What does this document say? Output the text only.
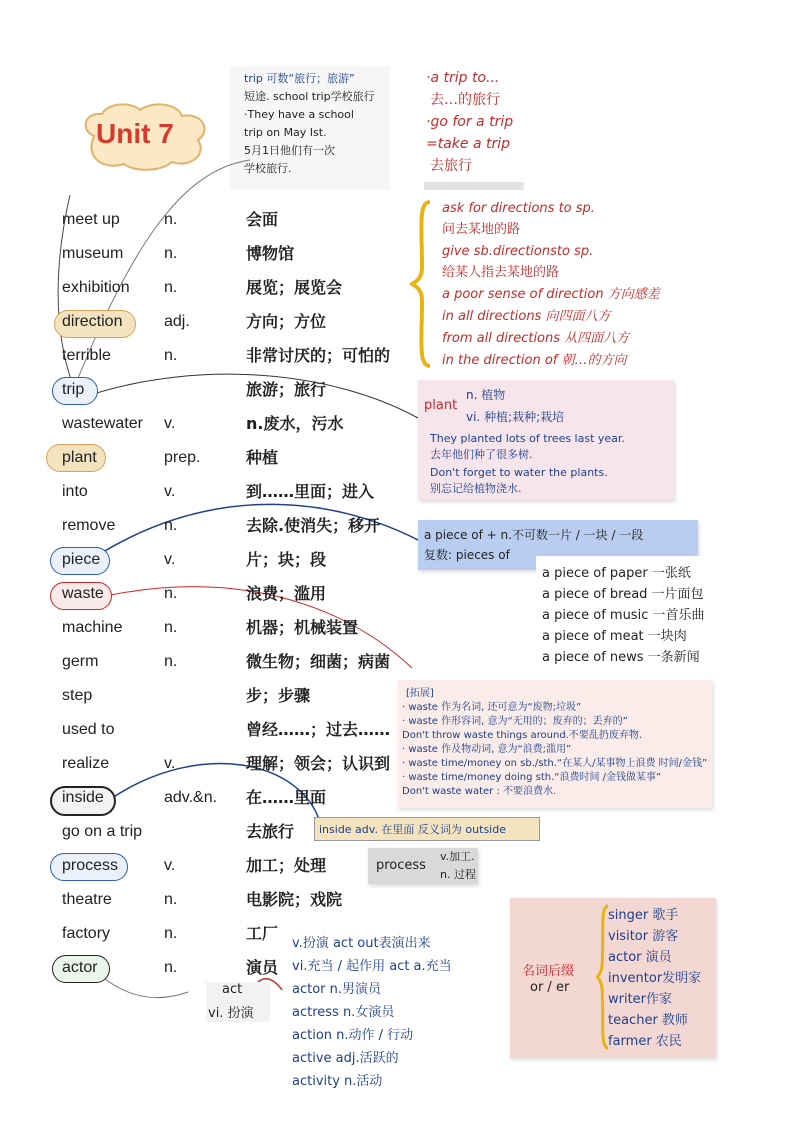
Unit 7
trip 可数“旅行；旅游”
短途. school trip学校旅行
·They have a school
trip on May Ist.
5月1日他们有一次
学校旅行.
·a trip to...
去…的旅行
·go for a trip
=take a trip
去旅行
meet up	n.	会面
museum	n.	博物馆
exhibition n.	展览；展览会
direction	adj.	方向；方位
terrible	n.	非常讨厌的；可怕的
trip	旅游；旅行
wastewater v.	n.废水，污水
plant	prep.	种植
into	v.	到……里面；进入
remove	n.	去除.使消失；移开
piece	v.	片；块；段
waste	n.	浪费；滥用
machine	n.	机器；机械装置
germ	n.	微生物；细菌；病菌
step	步；步骤
used to	曾经……；过去……
realize	v.	理解；领会；认识到
inside	adv.&n. 在……里面
go on a trip	去旅行
process	v.	加工；处理
theatre	n.	电影院；戏院
factory	n.	工厂
actor	n.	演员
ask for directions to sp.
问去某地的路
give sb.directionsto sp.
给某人指去某地的路
a poor sense of direction 方向感差
in all directions 向四面八方
from all directions 从四面八方
in the direction of 朝…的方向
plant
n. 植物
vi. 种植;栽种;栽培
They planted lots of trees last year.
去年他们种了很多树.
Don't forget to water the plants.
别忘记给植物浇水.
a piece of + n.不可数一片 / 一块 / 一段
复数: pieces of
a piece of paper 一张纸
a piece of bread 一片面包
a piece of music 一首乐曲
a piece of meat 一块肉
a piece of news 一条新闻
[拓展]
· waste 作为名词, 还可意为“废物;垃圾”
· waste 作形容词, 意为“无用的；废弃的；丢弃的”
Don't throw waste things around.不要乱扔废弃物.
· waste 作及物动词, 意为“浪费;滥用”
· waste time/money on sb./sth.“在某人/某事物上浪费 时间/金钱”
· waste time/money doing sth.“浪费时间 /金钱做某事”
Don't waste water : 不要浪费水.
inside adv. 在里面 反义词为 outside
process
v.加工.
n. 过程
名词后缀
or / er
singer 歌手
visitor 游客
actor 演员
inventor发明家
writer作家
teacher 教师
farmer 农民
act
vi. 扮演
v.扮演 act out表演出来
vi.充当 / 起作用 act a.充当
actor n.男演员
actress n.女演员
action n.动作 / 行动
active adj.活跃的
activity n.活动
